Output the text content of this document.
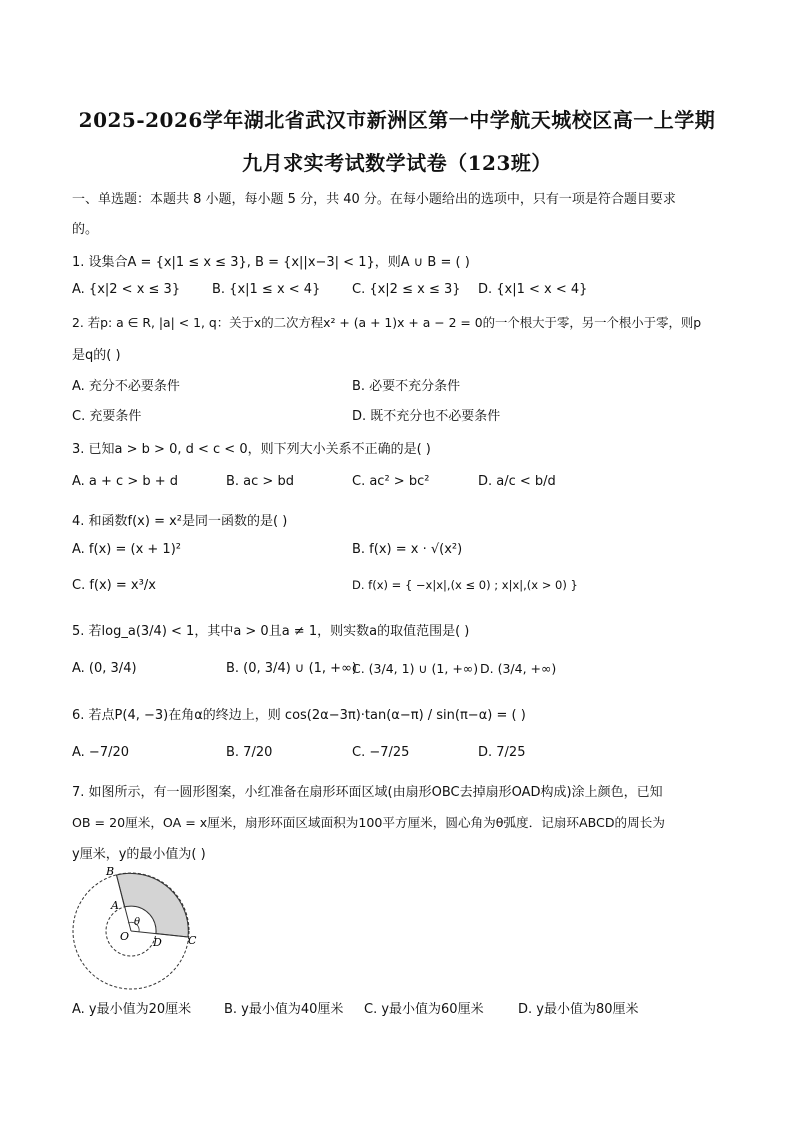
2025-2026学年湖北省武汉市新洲区第一中学航天城校区高一上学期
九月求实考试数学试卷（123班）
一、单选题：本题共 8 小题，每小题 5 分，共 40 分。在每小题给出的选项中，只有一项是符合题目要求
的。
1. 设集合A = {x|1 ≤ x ≤ 3}, B = {x||x−3| < 1}，则A ∪ B = ( )
A. {x|2 < x ≤ 3} B. {x|1 ≤ x < 4} C. {x|2 ≤ x ≤ 3} D. {x|1 < x < 4}
2. 若p: a ∈ R, |a| < 1, q：关于x的二次方程x² + (a + 1)x + a − 2 = 0的一个根大于零，另一个根小于零，则p
是q的( )
A. 充分不必要条件	B. 必要不充分条件
C. 充要条件	D. 既不充分也不必要条件
3. 已知a > b > 0, d < c < 0，则下列大小关系不正确的是( )
A. a + c > b + d	B. ac > bd	C. ac² > bc²	D. a/c < b/d
4. 和函数f(x) = x²是同一函数的是( )
A. f(x) = (x + 1)²	B. f(x) = x · √(x²)
C. f(x) = x³/x	D. f(x) = { −x|x|,(x ≤ 0) ; x|x|,(x > 0) }
5. 若log_a(3/4) < 1，其中a > 0且a ≠ 1，则实数a的取值范围是( )
A. (0, 3/4)	B. (0, 3/4) ∪ (1, +∞)
C. (3/4, 1) ∪ (1, +∞) D. (3/4, +∞)
6. 若点P(4, −3)在角α的终边上，则 cos(2α−3π)·tan(α−π) / sin(π−α) = ( )
A. −7/20	B. 7/20	C. −7/25	D. 7/25
7. 如图所示，有一圆形图案，小红准备在扇形环面区域(由扇形OBC去掉扇形OAD构成)涂上颜色，已知
OB = 20厘米，OA = x厘米，扇形环面区域面积为100平方厘米，圆心角为θ弧度．记扇环ABCD的周长为
y厘米，y的最小值为( )
B
A
θ
O D C
A. y最小值为20厘米	B. y最小值为40厘米 C. y最小值为60厘米	D. y最小值为80厘米
